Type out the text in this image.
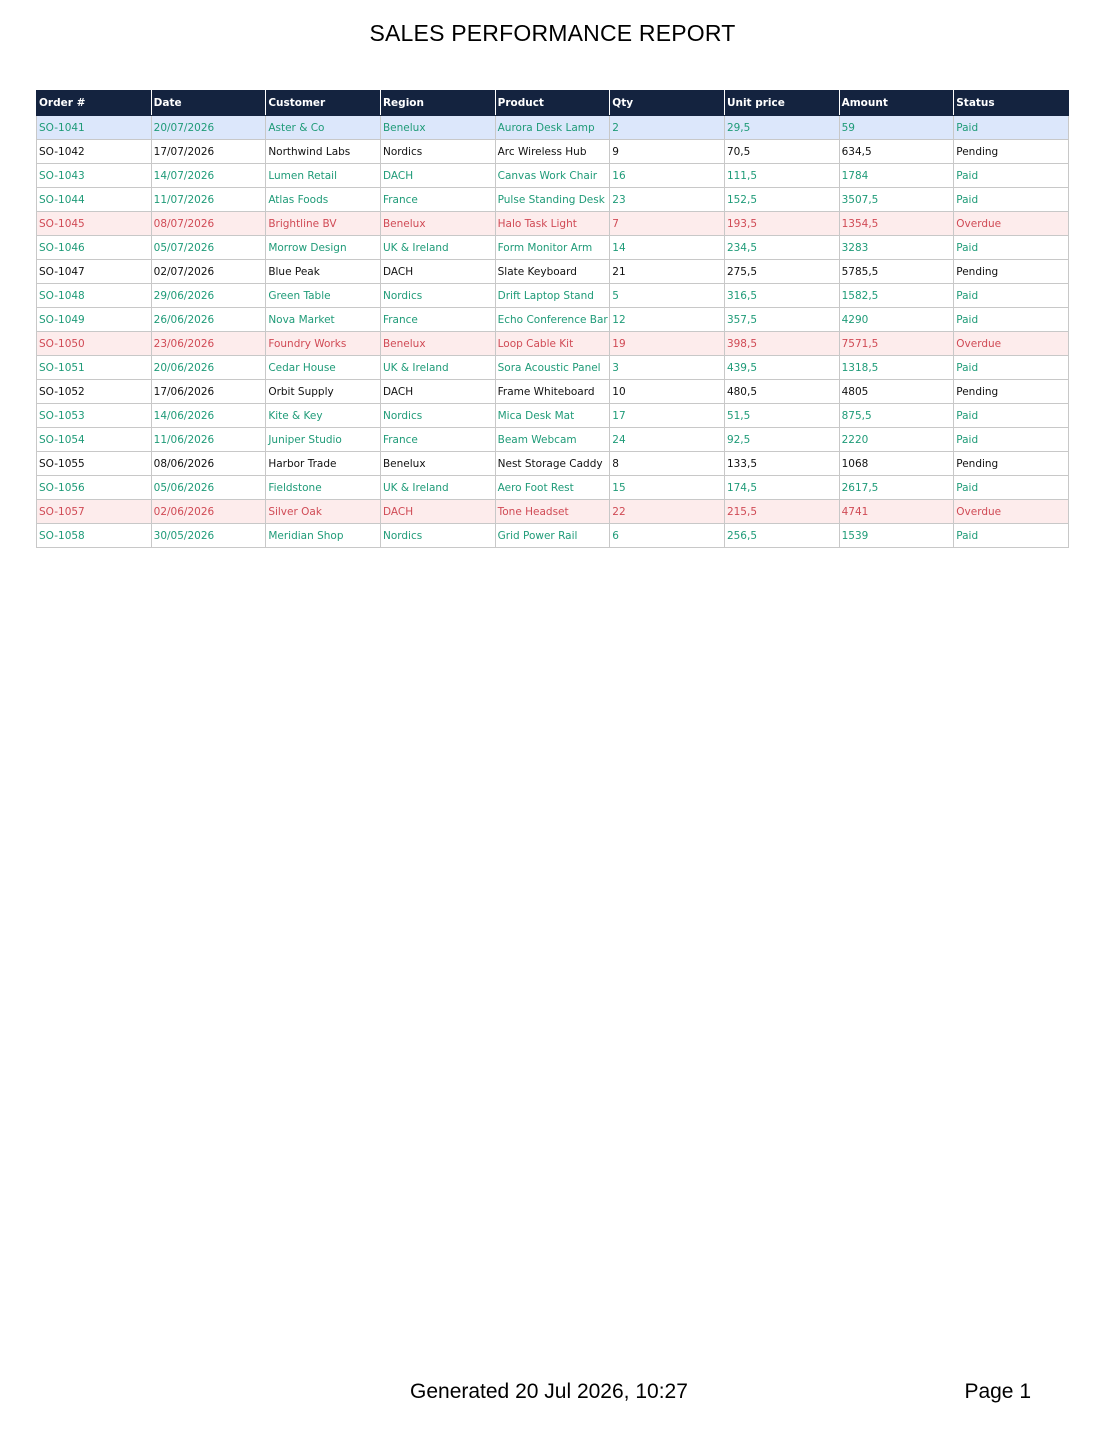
SALES PERFORMANCE REPORT
Order #	Date	Customer	Region	Product	Qty	Unit price	Amount	Status
SO-1041	20/07/2026	Aster & Co	Benelux	Aurora Desk Lamp	2	29,5	59	Paid
SO-1042	17/07/2026	Northwind Labs	Nordics	Arc Wireless Hub	9	70,5	634,5	Pending
SO-1043	14/07/2026	Lumen Retail	DACH	Canvas Work Chair	16	111,5	1784	Paid
SO-1044	11/07/2026	Atlas Foods	France	Pulse Standing Desk	23	152,5	3507,5	Paid
SO-1045	08/07/2026	Brightline BV	Benelux	Halo Task Light	7	193,5	1354,5	Overdue
SO-1046	05/07/2026	Morrow Design	UK & Ireland	Form Monitor Arm	14	234,5	3283	Paid
SO-1047	02/07/2026	Blue Peak	DACH	Slate Keyboard	21	275,5	5785,5	Pending
SO-1048	29/06/2026	Green Table	Nordics	Drift Laptop Stand	5	316,5	1582,5	Paid
SO-1049	26/06/2026	Nova Market	France	Echo Conference Bar	12	357,5	4290	Paid
SO-1050	23/06/2026	Foundry Works	Benelux	Loop Cable Kit	19	398,5	7571,5	Overdue
SO-1051	20/06/2026	Cedar House	UK & Ireland	Sora Acoustic Panel	3	439,5	1318,5	Paid
SO-1052	17/06/2026	Orbit Supply	DACH	Frame Whiteboard	10	480,5	4805	Pending
SO-1053	14/06/2026	Kite & Key	Nordics	Mica Desk Mat	17	51,5	875,5	Paid
SO-1054	11/06/2026	Juniper Studio	France	Beam Webcam	24	92,5	2220	Paid
SO-1055	08/06/2026	Harbor Trade	Benelux	Nest Storage Caddy	8	133,5	1068	Pending
SO-1056	05/06/2026	Fieldstone	UK & Ireland	Aero Foot Rest	15	174,5	2617,5	Paid
SO-1057	02/06/2026	Silver Oak	DACH	Tone Headset	22	215,5	4741	Overdue
SO-1058	30/05/2026	Meridian Shop	Nordics	Grid Power Rail	6	256,5	1539	Paid
Generated 20 Jul 2026, 10:27	Page 1
